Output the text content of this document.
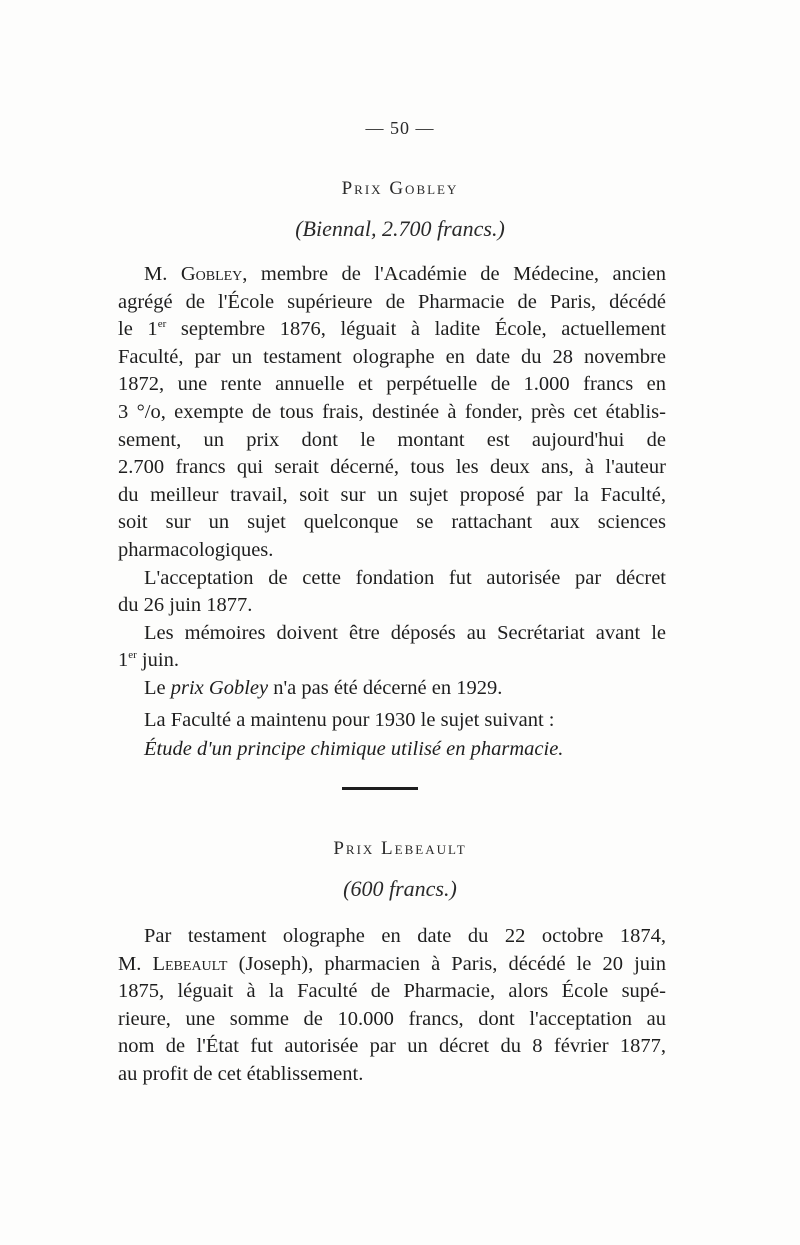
— 50 —
Prix Gobley
(Biennal, 2.700 francs.)
M. Gobley, membre de l'Académie de Médecine, ancien
agrégé de l'École supérieure de Pharmacie de Paris, décédé
le 1er septembre 1876, léguait à ladite École, actuellement
Faculté, par un testament olographe en date du 28 novembre
1872, une rente annuelle et perpétuelle de 1.000 francs en
3 °/o, exempte de tous frais, destinée à fonder, près cet établis-
sement, un prix dont le montant est aujourd'hui de
2.700 francs qui serait décerné, tous les deux ans, à l'auteur
du meilleur travail, soit sur un sujet proposé par la Faculté,
soit sur un sujet quelconque se rattachant aux sciences
pharmacologiques.
L'acceptation de cette fondation fut autorisée par décret
du 26 juin 1877.
Les mémoires doivent être déposés au Secrétariat avant le
1er juin.
Le prix Gobley n'a pas été décerné en 1929.
La Faculté a maintenu pour 1930 le sujet suivant :
Étude d'un principe chimique utilisé en pharmacie.
Prix Lebeault
(600 francs.)
Par testament olographe en date du 22 octobre 1874,
M. Lebeault (Joseph), pharmacien à Paris, décédé le 20 juin
1875, léguait à la Faculté de Pharmacie, alors École supé-
rieure, une somme de 10.000 francs, dont l'acceptation au
nom de l'État fut autorisée par un décret du 8 février 1877,
au profit de cet établissement.
